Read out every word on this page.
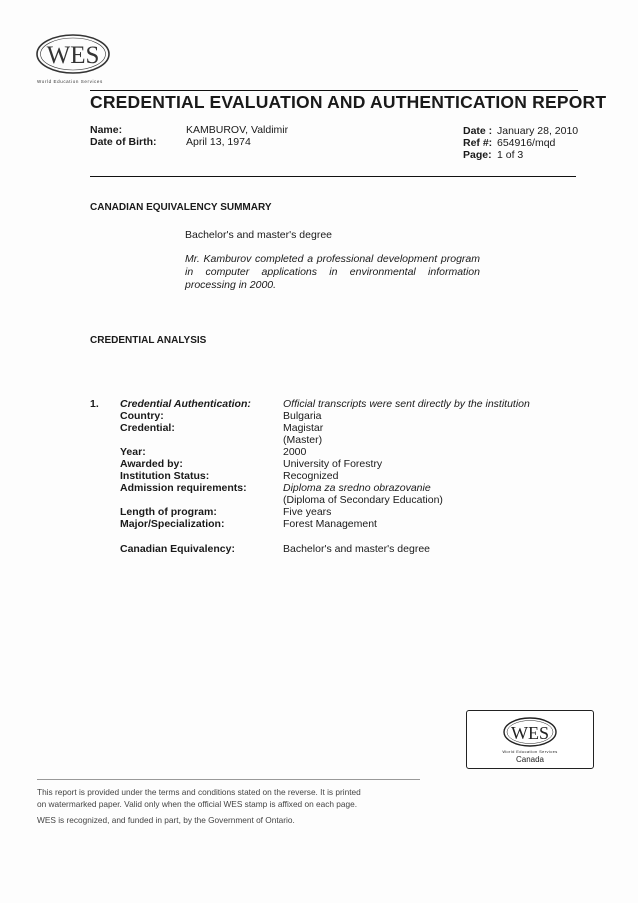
WES
World Education Services
CREDENTIAL EVALUATION AND AUTHENTICATION REPORT
Name:	KAMBUROV, Valdimir
Date of Birth:	April 13, 1974
Date : January 28, 2010
Ref #: 654916/mqd
Page: 1 of 3
CANADIAN EQUIVALENCY SUMMARY
Bachelor's and master's degree
Mr. Kamburov completed a professional development program
in computer applications in environmental information
processing in 2000.
CREDENTIAL ANALYSIS
1. Credential Authentication:	Official transcripts were sent directly by the institution
Country:	Bulgaria
Credential:	Magistar
(Master)
Year:	2000
Awarded by:	University of Forestry
Institution Status:	Recognized
Admission requirements:	Diploma za sredno obrazovanie
(Diploma of Secondary Education)
Length of program:	Five years
Major/Specialization:	Forest Management
Canadian Equivalency:	Bachelor's and master's degree
WES
World Education Services
Canada
This report is provided under the terms and conditions stated on the reverse. It is printed
on watermarked paper. Valid only when the official WES stamp is affixed on each page.
WES is recognized, and funded in part, by the Government of Ontario.
